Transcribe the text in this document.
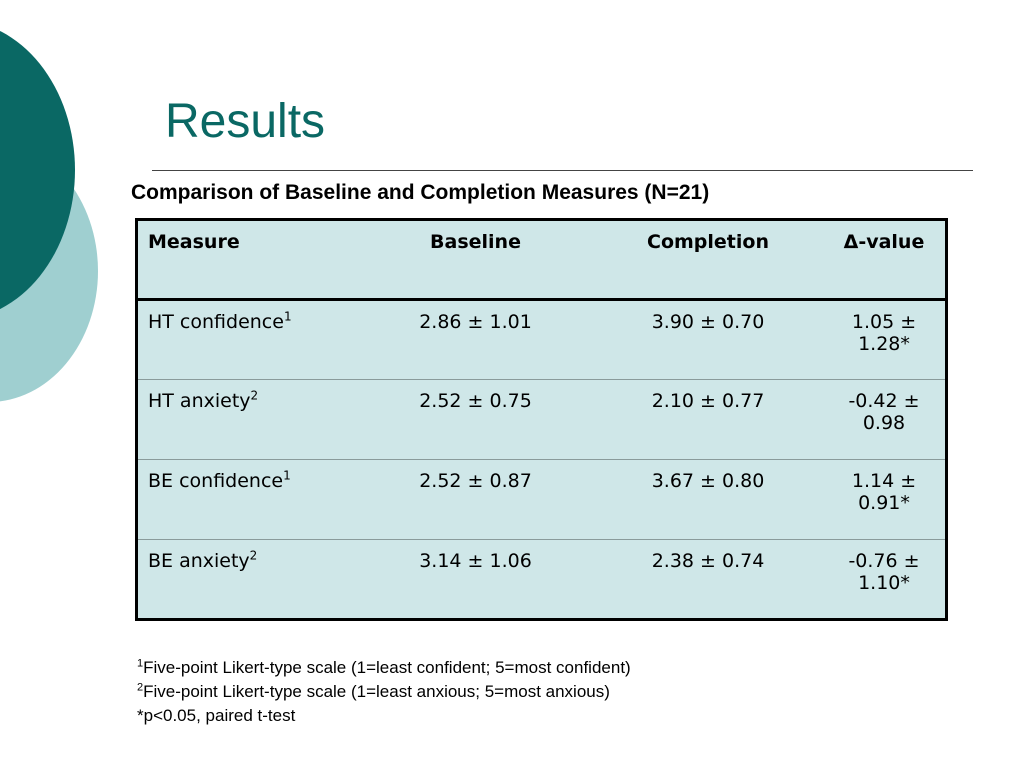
Results
Comparison of Baseline and Completion Measures (N=21)
Measure	Baseline	Completion	Δ-value
HT confidence$^1$	2.86 ± 1.01	3.90 ± 0.70	1.05 ± 1.28*
HT anxiety$^2$	2.52 ± 0.75	2.10 ± 0.77	-0.42 ± 0.98
BE confidence$^1$	2.52 ± 0.87	3.67 ± 0.80	1.14 ± 0.91*
BE anxiety$^2$	3.14 ± 1.06	2.38 ± 0.74	-0.76 ± 1.10*
$^1$Five-point Likert-type scale (1=least confident; 5=most confident)
$^2$Five-point Likert-type scale (1=least anxious; 5=most anxious)
*p<0.05, paired t-test
